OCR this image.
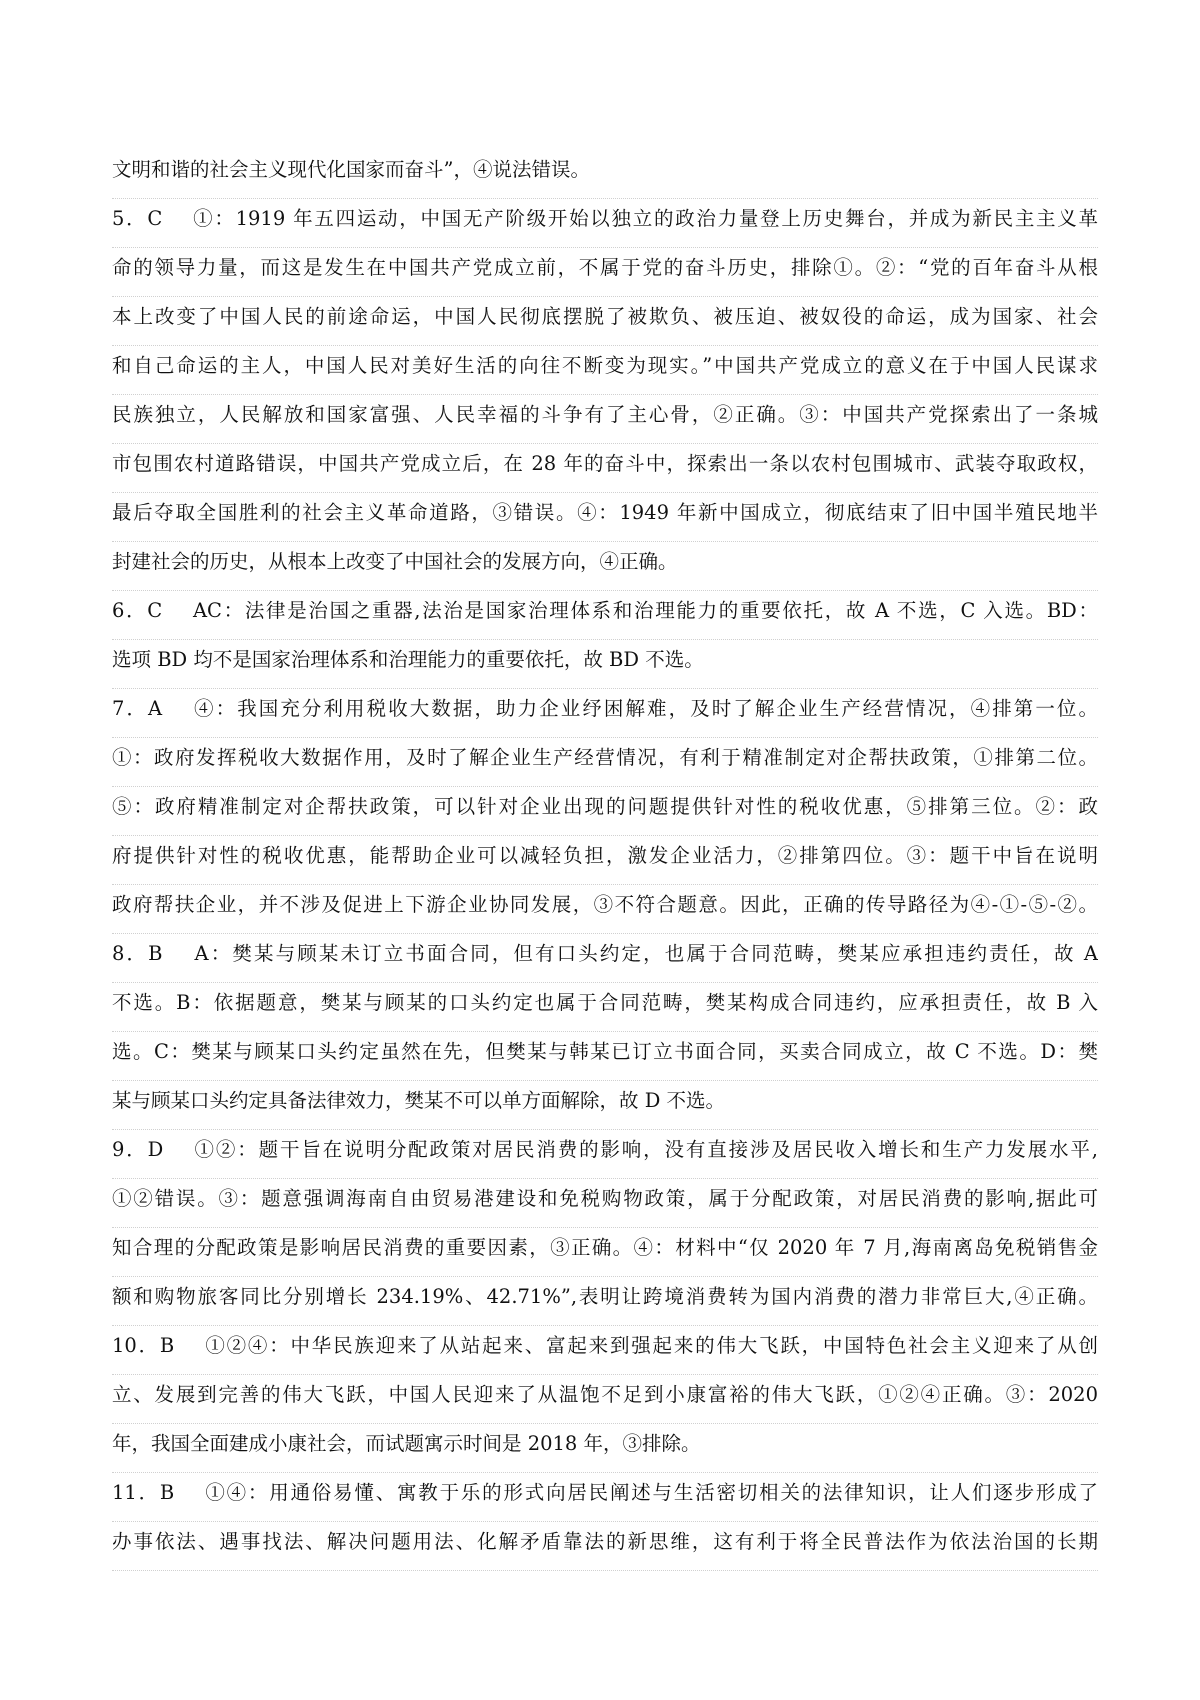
文明和谐的社会主义现代化国家而奋斗”，④说法错误。
5．C　 ①：1919 年五四运动，中国无产阶级开始以独立的政治力量登上历史舞台，并成为新民主主义革
命的领导力量，而这是发生在中国共产党成立前，不属于党的奋斗历史，排除①。②：“党的百年奋斗从根
本上改变了中国人民的前途命运，中国人民彻底摆脱了被欺负、被压迫、被奴役的命运，成为国家、社会
和自己命运的主人，中国人民对美好生活的向往不断变为现实。”中国共产党成立的意义在于中国人民谋求
民族独立，人民解放和国家富强、人民幸福的斗争有了主心骨，②正确。③：中国共产党探索出了一条城
市包围农村道路错误，中国共产党成立后，在 28 年的奋斗中，探索出一条以农村包围城市、武装夺取政权，
最后夺取全国胜利的社会主义革命道路，③错误。④：1949 年新中国成立，彻底结束了旧中国半殖民地半
封建社会的历史，从根本上改变了中国社会的发展方向，④正确。
6．C　 AC：法律是治国之重器,法治是国家治理体系和治理能力的重要依托，故 A 不选，C 入选。BD：
选项 BD 均不是国家治理体系和治理能力的重要依托，故 BD 不选。
7．A　 ④：我国充分利用税收大数据，助力企业纾困解难，及时了解企业生产经营情况，④排第一位。
①：政府发挥税收大数据作用，及时了解企业生产经营情况，有利于精准制定对企帮扶政策，①排第二位。
⑤：政府精准制定对企帮扶政策，可以针对企业出现的问题提供针对性的税收优惠，⑤排第三位。②：政
府提供针对性的税收优惠，能帮助企业可以减轻负担，激发企业活力，②排第四位。③：题干中旨在说明
政府帮扶企业，并不涉及促进上下游企业协同发展，③不符合题意。因此，正确的传导路径为④-①-⑤-②。
8．B　 A：樊某与顾某未订立书面合同，但有口头约定，也属于合同范畴，樊某应承担违约责任，故 A
不选。B：依据题意，樊某与顾某的口头约定也属于合同范畴，樊某构成合同违约，应承担责任，故 B 入
选。C：樊某与顾某口头约定虽然在先，但樊某与韩某已订立书面合同，买卖合同成立，故 C 不选。D：樊
某与顾某口头约定具备法律效力，樊某不可以单方面解除，故 D 不选。
9．D　 ①②：题干旨在说明分配政策对居民消费的影响，没有直接涉及居民收入增长和生产力发展水平,
①②错误。③：题意强调海南自由贸易港建设和免税购物政策，属于分配政策，对居民消费的影响,据此可
知合理的分配政策是影响居民消费的重要因素，③正确。④：材料中“仅 2020 年 7 月,海南离岛免税销售金
额和购物旅客同比分别增长 234.19%、42.71%”,表明让跨境消费转为国内消费的潜力非常巨大,④正确。
10．B　 ①②④：中华民族迎来了从站起来、富起来到强起来的伟大飞跃，中国特色社会主义迎来了从创
立、发展到完善的伟大飞跃，中国人民迎来了从温饱不足到小康富裕的伟大飞跃，①②④正确。③：2020
年，我国全面建成小康社会，而试题寓示时间是 2018 年，③排除。
11．B　 ①④：用通俗易懂、寓教于乐的形式向居民阐述与生活密切相关的法律知识，让人们逐步形成了
办事依法、遇事找法、解决问题用法、化解矛盾靠法的新思维，这有利于将全民普法作为依法治国的长期
